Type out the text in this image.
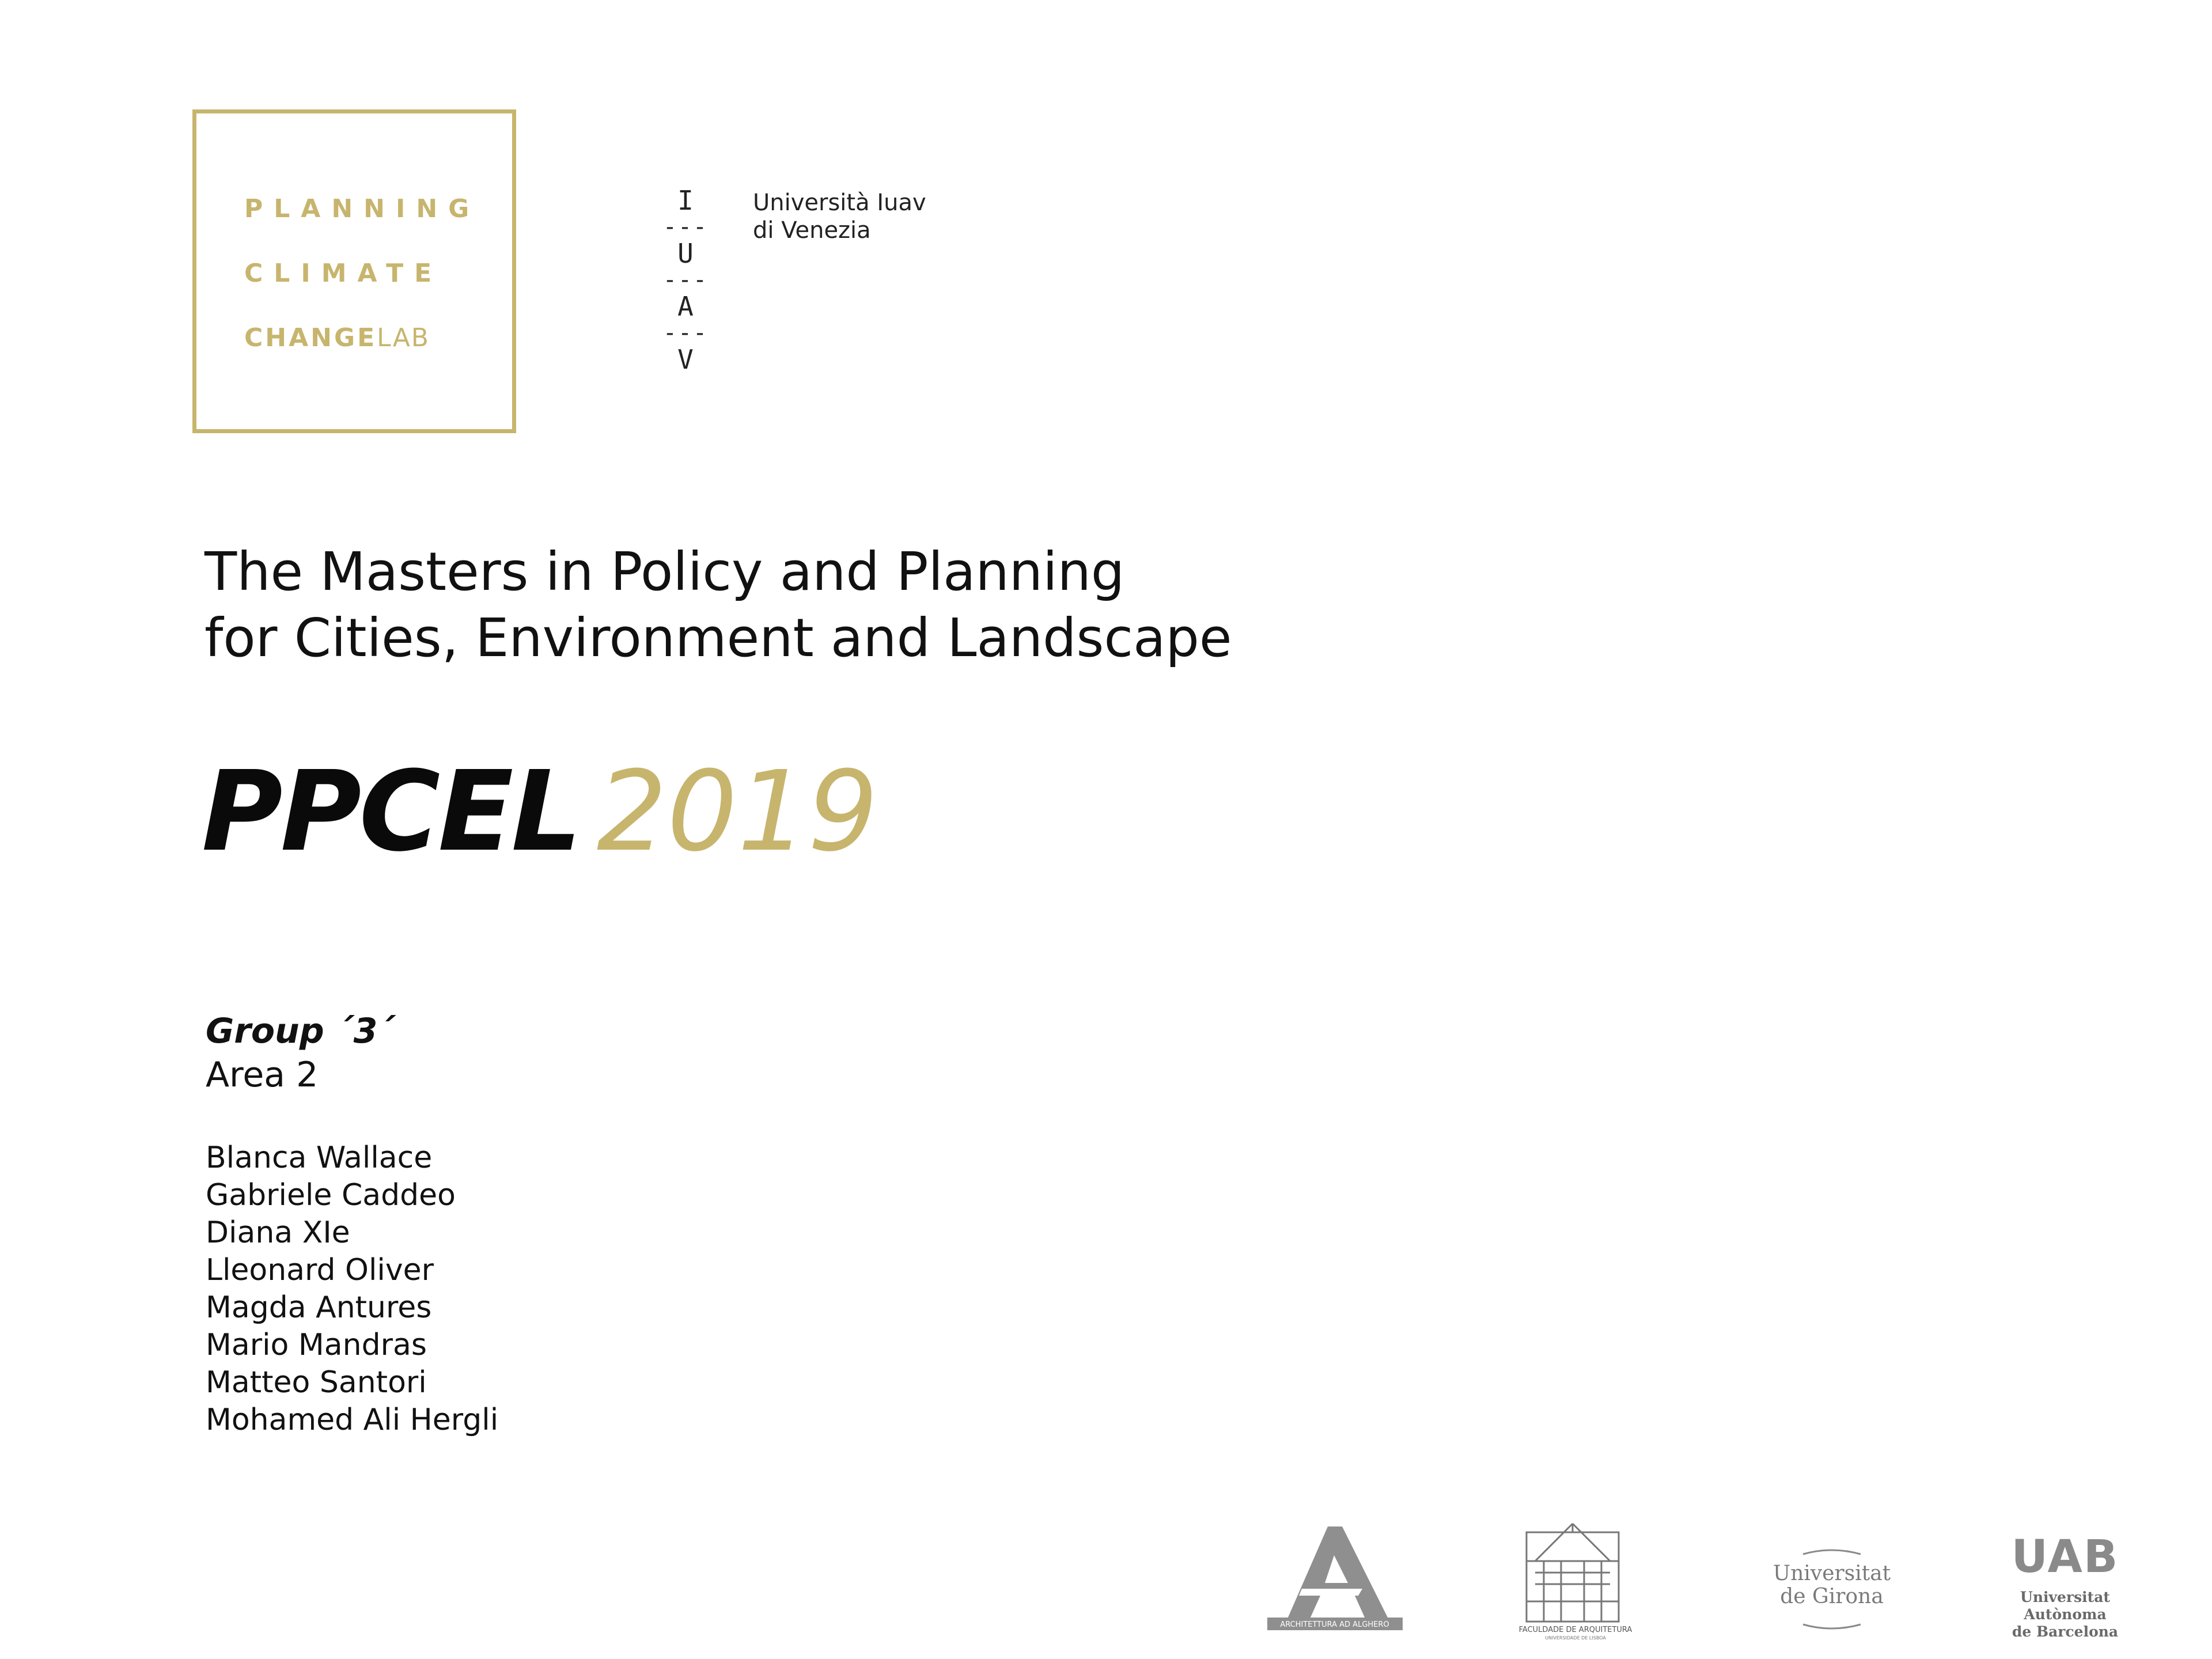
PLANNING
CLIMATE
CHANGELAB
I
---
U
---
A
---
V
Università Iuav
di Venezia
The Masters in Policy and Planning
for Cities, Environment and Landscape
PPCEL 2019
Group ´3´
Area 2
Blanca Wallace
Gabriele Caddeo
Diana XIe
Lleonard Oliver
Magda Antures
Mario Mandras
Matteo Santori
Mohamed Ali Hergli
ARCHITETTURA AD ALGHERO
FACULDADE DE ARQUITETURA
UNIVERSIDADE DE LISBOA
Universitat
de Girona
UAB
Universitat Autònoma
de Barcelona
